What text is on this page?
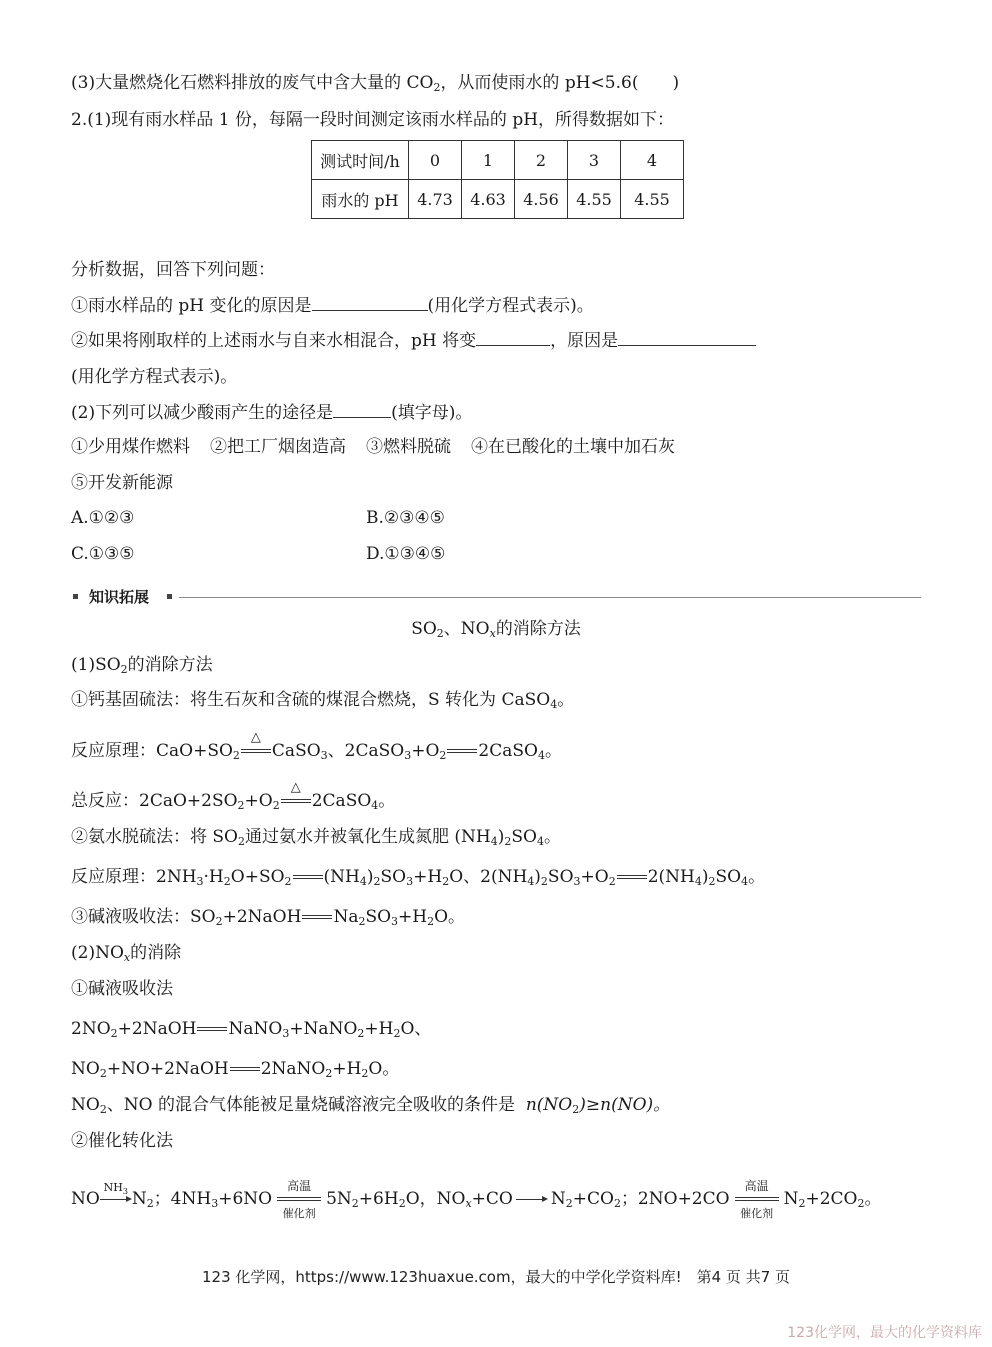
(3)大量燃烧化石燃料排放的废气中含大量的 $CO_2$，从而使雨水的 pH<5.6(　　)
2.(1)现有雨水样品 1 份，每隔一段时间测定该雨水样品的 pH，所得数据如下：
测试时间/h	0	1	2	3	4
雨水的 pH	4.73	4.63	4.56	4.55	4.55
分析数据，回答下列问题：
①雨水样品的 pH 变化的原因是	(用化学方程式表示)。
②如果将刚取样的上述雨水与自来水相混合，pH 将变	，原因是
(用化学方程式表示)。
(2)下列可以减少酸雨产生的途径是	(填字母)。
①少用煤作燃料 ②把工厂烟囱造高 ③燃料脱硫 ④在已酸化的土壤中加石灰
⑤开发新能源
A.①②③	B.②③④⑤
C.①③⑤	D.①③④⑤
知识拓展
$SO_2$、$NO_x$的消除方法
$(1)SO_2$的消除方法
①钙基固硫法：将生石灰和含硫的煤混合燃烧，S 转化为 CaSO$_4$。
反应原理：$CaO+SO_2$
△
CaSO$_3$、$2CaSO_3+O_2$ 2CaSO$_4$。
总反应：$2CaO+2SO_2+O_2$
△
2CaSO$_4$。
②氨水脱硫法：将 $SO_2$通过氨水并被氧化生成氮肥 $(NH_4)_2SO_4$。
反应原理：$2NH_3\cdot H_2O+SO_2$ $(NH_4)_2SO_3+H_2O$、$2(NH_4)_2SO_3+O_2$ $2(NH_4)_2SO_4$。
③碱液吸收法：$SO_2+2NaOH$ $Na_2SO_3+H_2O$。
$(2)NO_x$的消除
①碱液吸收法
$2NO_2+2NaOH$ $NaNO_3+NaNO_2+H_2O$、
$NO_2+NO+2NaOH$ $2NaNO_2+H_2O$。
$NO_2$、NO 的混合气体能被足量烧碱溶液完全吸收的条件是 $n(NO_2)\ge n(NO)$。
②催化转化法
NO
$NH_3$ $N_2$；$4NH_3+6NO$
高温
催化剂
$5N_2+6H_2O$，$NO_x+CO$ $N_2+CO_2$；2NO+2CO
高温
催化剂
$N_2+2CO_2$。
123 化学网，https://www.123huaxue.com，最大的中学化学资料库!　第4 页 共7 页
123化学网，最大的化学资料库
